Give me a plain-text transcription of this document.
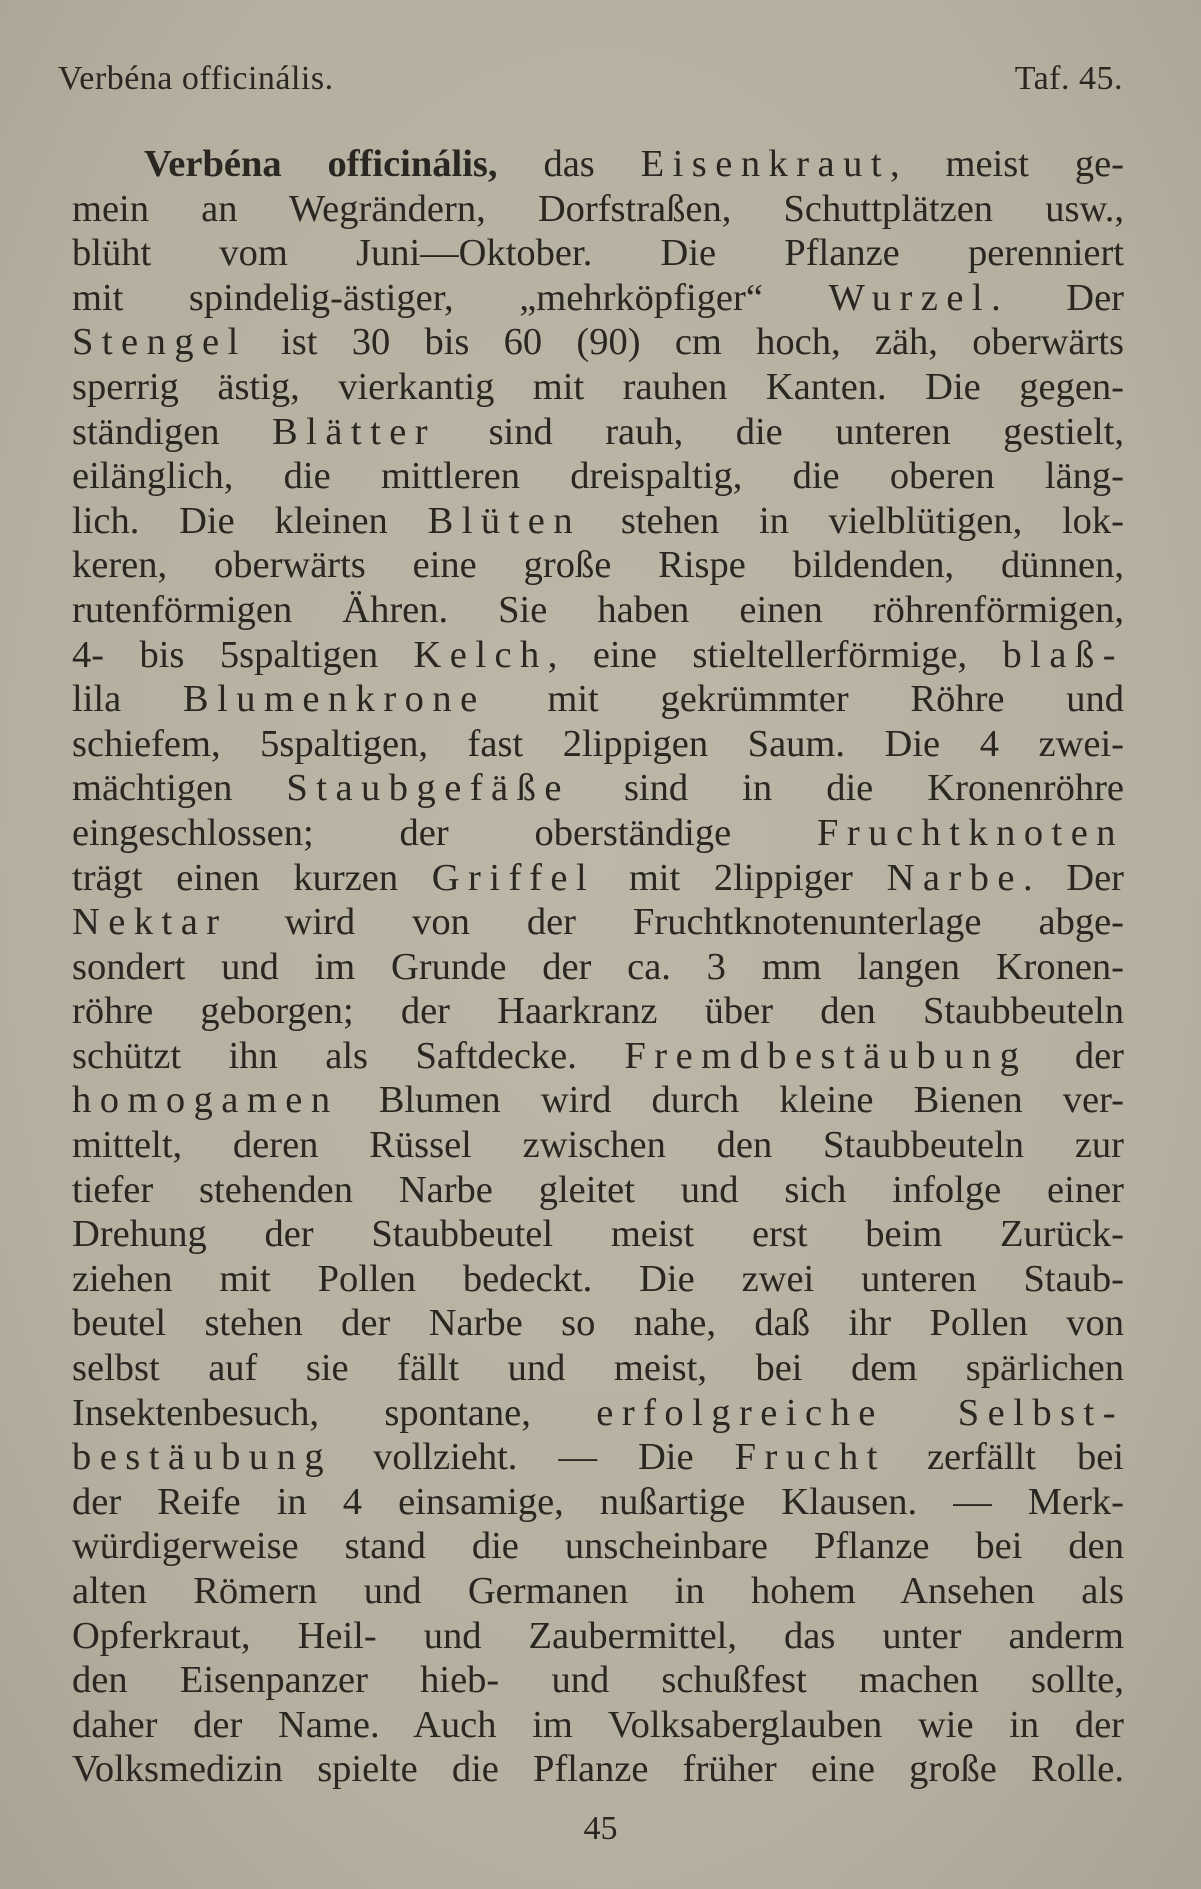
Verbéna officinális.	Taf. 45.
Verbéna officinális, das Eisenkraut, meist ge-
mein an Wegrändern, Dorfstraßen, Schuttplätzen usw.,
blüht vom Juni—Oktober. Die Pflanze perenniert
mit spindelig-ästiger, „mehrköpfiger“ Wurzel. Der
Stengel ist 30 bis 60 (90) cm hoch, zäh, oberwärts
sperrig ästig, vierkantig mit rauhen Kanten. Die gegen-
ständigen Blätter sind rauh, die unteren gestielt,
eilänglich, die mittleren dreispaltig, die oberen läng-
lich. Die kleinen Blüten stehen in vielblütigen, lok-
keren, oberwärts eine große Rispe bildenden, dünnen,
rutenförmigen Ähren. Sie haben einen röhrenförmigen,
4- bis 5spaltigen Kelch, eine stieltellerförmige, blaß-
lila Blumenkrone mit gekrümmter Röhre und
schiefem, 5spaltigen, fast 2lippigen Saum. Die 4 zwei-
mächtigen Staubgefäße sind in die Kronenröhre
eingeschlossen; der oberständige Fruchtknoten
trägt einen kurzen Griffel mit 2lippiger Narbe. Der
Nektar wird von der Fruchtknotenunterlage abge-
sondert und im Grunde der ca. 3 mm langen Kronen-
röhre geborgen; der Haarkranz über den Staubbeuteln
schützt ihn als Saftdecke. Fremdbestäubung der
homogamen Blumen wird durch kleine Bienen ver-
mittelt, deren Rüssel zwischen den Staubbeuteln zur
tiefer stehenden Narbe gleitet und sich infolge einer
Drehung der Staubbeutel meist erst beim Zurück-
ziehen mit Pollen bedeckt. Die zwei unteren Staub-
beutel stehen der Narbe so nahe, daß ihr Pollen von
selbst auf sie fällt und meist, bei dem spärlichen
Insektenbesuch, spontane, erfolgreiche Selbst-
bestäubung vollzieht. — Die Frucht zerfällt bei
der Reife in 4 einsamige, nußartige Klausen. — Merk-
würdigerweise stand die unscheinbare Pflanze bei den
alten Römern und Germanen in hohem Ansehen als
Opferkraut, Heil- und Zaubermittel, das unter anderm
den Eisenpanzer hieb- und schußfest machen sollte,
daher der Name. Auch im Volksaberglauben wie in der
Volksmedizin spielte die Pflanze früher eine große Rolle.
45
